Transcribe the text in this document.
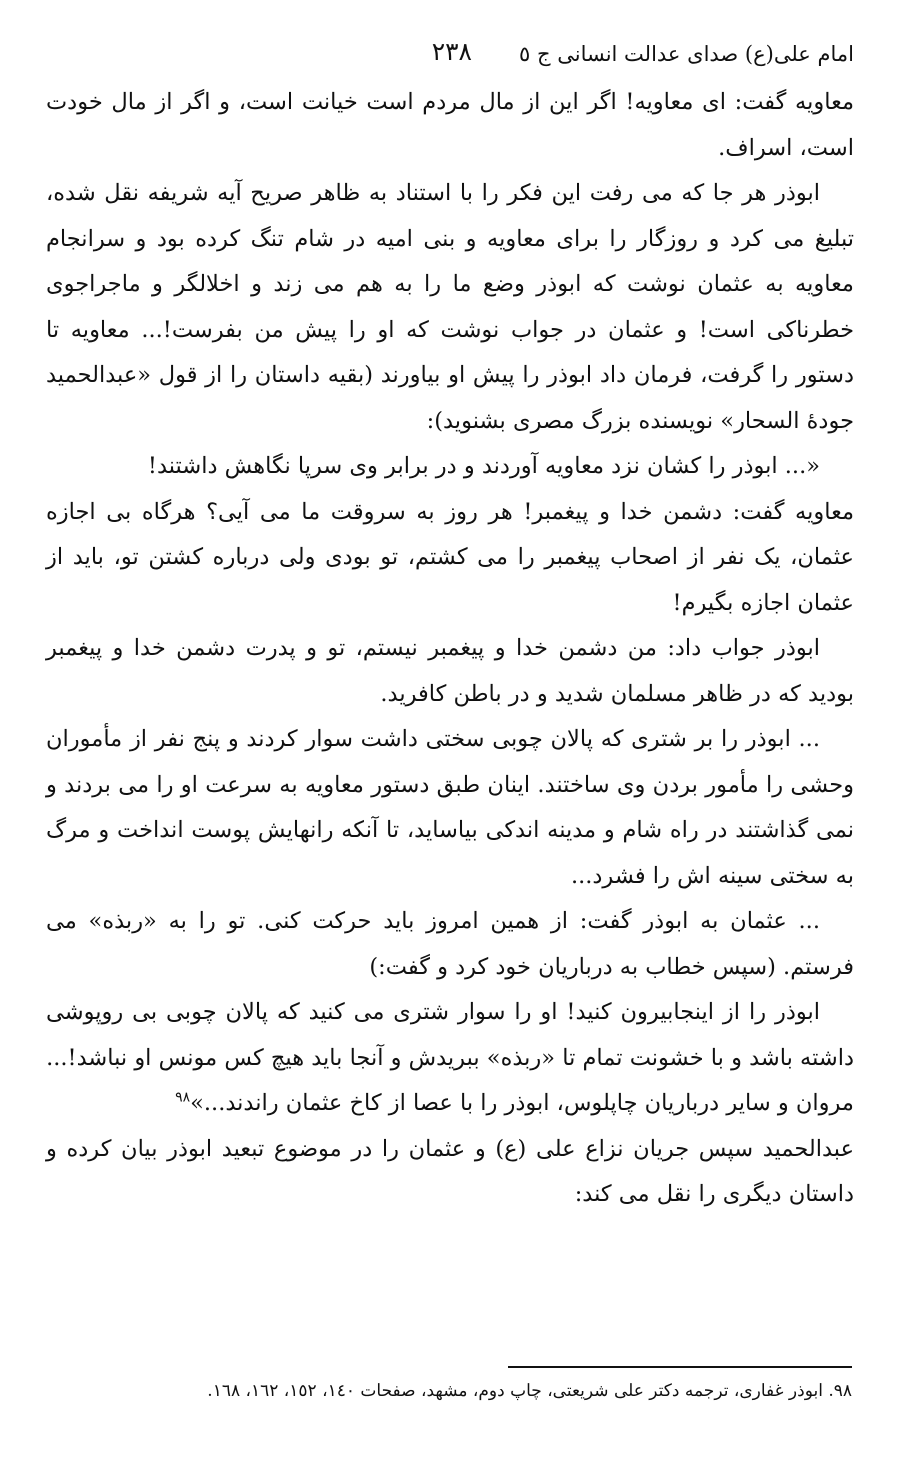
امام علی(ع) صدای عدالت انسانی ج ٥
٢٣٨

معاویه گفت: ای معاویه! اگر این از مال مردم است خیانت است، و اگر از مال خودت است، اسراف.

ابوذر هر جا که می رفت این فکر را با استناد به ظاهر صریح آیه شریفه نقل شده، تبلیغ می کرد و روزگار را برای معاویه و بنی امیه در شام تنگ کرده بود و سرانجام معاویه به عثمان نوشت که ابوذر وضع ما را به هم می زند و اخلالگر و ماجراجوی خطرناکی است! و عثمان در جواب نوشت که او را پیش من بفرست!... معاویه تا دستور را گرفت، فرمان داد ابوذر را پیش او بیاورند (بقیه داستان را از قول «عبدالحمید جودهٔ السحار» نویسنده بزرگ مصری بشنوید):

«... ابوذر را کشان نزد معاویه آوردند و در برابر وی سرپا نگاهش داشتند!

معاویه گفت: دشمن خدا و پیغمبر! هر روز به سروقت ما می آیی؟ هرگاه بی اجازه عثمان، یک نفر از اصحاب پیغمبر را می کشتم، تو بودی ولی درباره کشتن تو، باید از عثمان اجازه بگیرم!

ابوذر جواب داد: من دشمن خدا و پیغمبر نیستم، تو و پدرت دشمن خدا و پیغمبر بودید که در ظاهر مسلمان شدید و در باطن کافرید.

... ابوذر را بر شتری که پالان چوبی سختی داشت سوار کردند و پنج نفر از مأموران وحشی را مأمور بردن وی ساختند. اینان طبق دستور معاویه به سرعت او را می بردند و نمی گذاشتند در راه شام و مدینه اندکی بیاساید، تا آنکه رانهایش پوست انداخت و مرگ به سختی سینه اش را فشرد...

... عثمان به ابوذر گفت: از همین امروز باید حرکت کنی. تو را به «ربذه» می فرستم. (سپس خطاب به درباریان خود کرد و گفت:)

ابوذر را از اینجابیرون کنید! او را سوار شتری می کنید که پالان چوبی بی روپوشی داشته باشد و با خشونت تمام تا «ربذه» ببریدش و آنجا باید هیچ کس مونس او نباشد!...

مروان و سایر درباریان چاپلوس، ابوذر را با عصا از کاخ عثمان راندند...»$^{٩٨}$

عبدالحمید سپس جریان نزاع علی (ع) و عثمان را در موضوع تبعید ابوذر بیان کرده و داستان دیگری را نقل می کند:

٩٨. ابوذر غفاری، ترجمه دکتر علی شریعتی، چاپ دوم، مشهد، صفحات ١٤٠، ١٥٢، ١٦٢، ١٦٨.
